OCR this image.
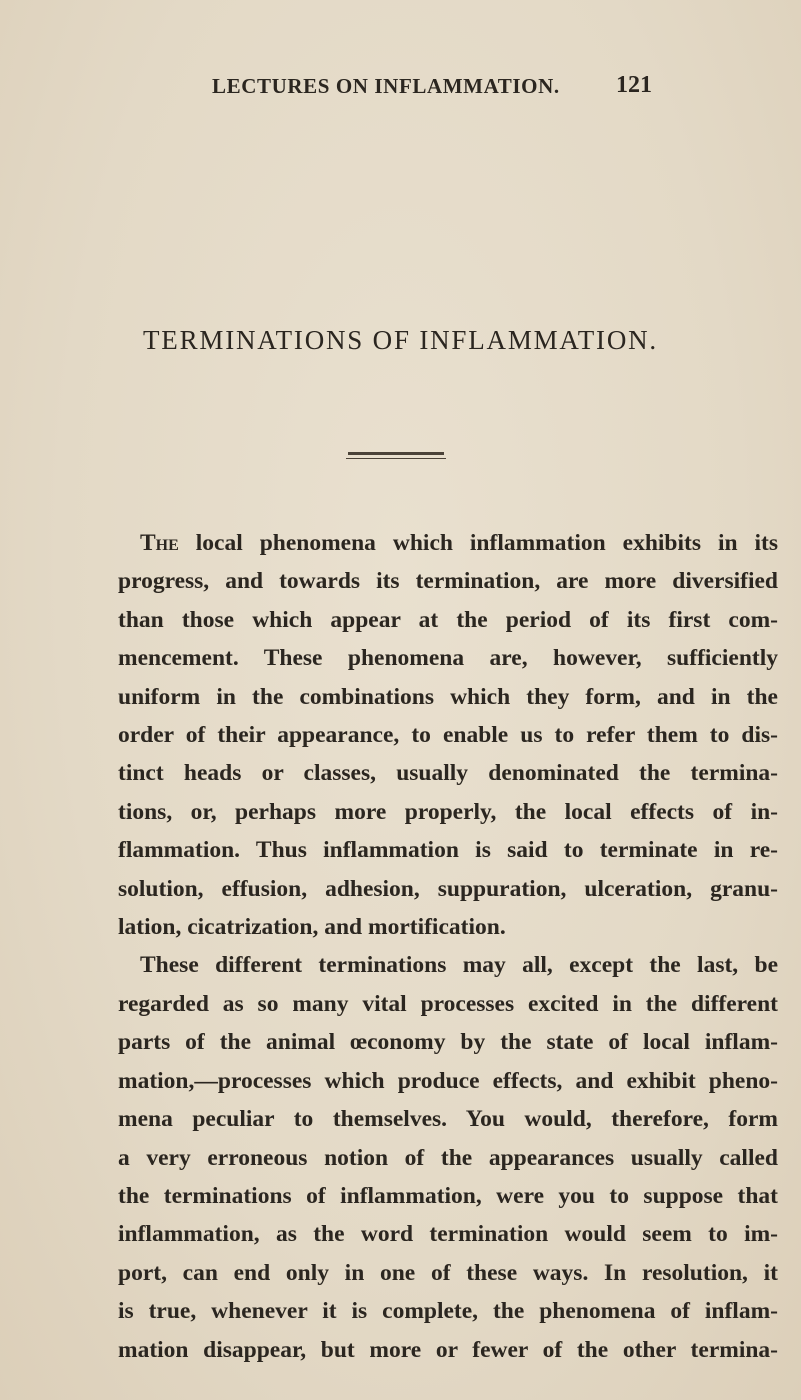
LECTURES ON INFLAMMATION. 121
TERMINATIONS OF INFLAMMATION.
The local phenomena which inflammation exhibits in its
progress, and towards its termination, are more diversified
than those which appear at the period of its first com-
mencement. These phenomena are, however, sufficiently
uniform in the combinations which they form, and in the
order of their appearance, to enable us to refer them to dis-
tinct heads or classes, usually denominated the termina-
tions, or, perhaps more properly, the local effects of in-
flammation. Thus inflammation is said to terminate in re-
solution, effusion, adhesion, suppuration, ulceration, granu-
lation, cicatrization, and mortification.
These different terminations may all, except the last, be
regarded as so many vital processes excited in the different
parts of the animal œconomy by the state of local inflam-
mation,—processes which produce effects, and exhibit pheno-
mena peculiar to themselves. You would, therefore, form
a very erroneous notion of the appearances usually called
the terminations of inflammation, were you to suppose that
inflammation, as the word termination would seem to im-
port, can end only in one of these ways. In resolution, it
is true, whenever it is complete, the phenomena of inflam-
mation disappear, but more or fewer of the other termina-
